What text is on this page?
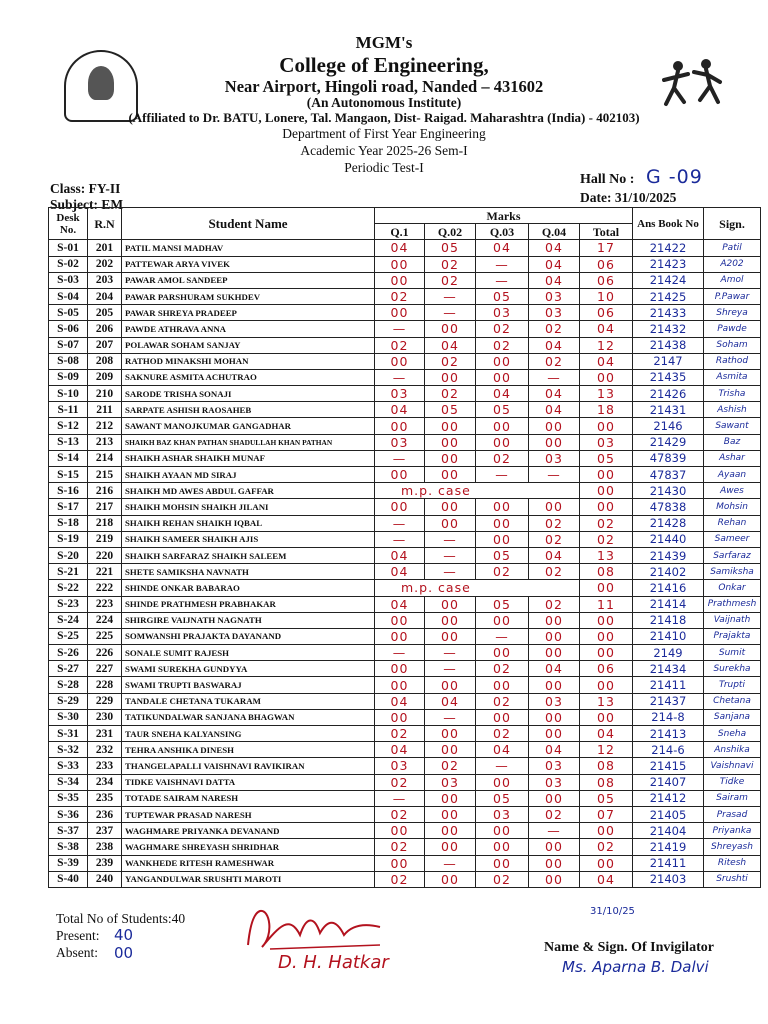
MGM's
College of Engineering,
Near Airport, Hingoli road, Nanded – 431602
(An Autonomous Institute)
(Affiliated to Dr. BATU, Lonere, Tal. Mangaon, Dist- Raigad. Maharashtra (India) - 402103)
Department of First Year Engineering
Academic Year 2025-26 Sem-I
Periodic Test-I
Class: FY-II
Subject: EM
Hall No : G -09
Date: 31/10/2025
Desk No.	R.N	Student Name	Marks					Ans Book No	Sign.
			Q.1	Q.02	Q.03	Q.04	Total		
S-01	201	PATIL MANSI MADHAV	04	05	04	04	17	21422	Patil
S-02	202	PATTEWAR ARYA VIVEK	00	02	—	04	06	21423	A202
S-03	203	PAWAR AMOL SANDEEP	00	02	—	04	06	21424	Amol
S-04	204	PAWAR PARSHURAM SUKHDEV	02	—	05	03	10	21425	P.Pawar
S-05	205	PAWAR SHREYA PRADEEP	00	—	03	03	06	21433	Shreya
S-06	206	PAWDE ATHRAVA ANNA	—	00	02	02	04	21432	Pawde
S-07	207	POLAWAR SOHAM SANJAY	02	04	02	04	12	21438	Soham
S-08	208	RATHOD MINAKSHI MOHAN	00	02	00	02	04	2147	Rathod
S-09	209	SAKNURE ASMITA ACHUTRAO	—	00	00	—	00	21435	Asmita
S-10	210	SARODE TRISHA SONAJI	03	02	04	04	13	21426	Trisha
S-11	211	SARPATE ASHISH RAOSAHEB	04	05	05	04	18	21431	Ashish
S-12	212	SAWANT MANOJKUMAR GANGADHAR	00	00	00	00	00	2146	Sawant
S-13	213	SHAIKH BAZ KHAN PATHAN SHADULLAH KHAN PATHAN	03	00	00	00	03	21429	Baz
S-14	214	SHAIKH ASHAR SHAIKH MUNAF	—	00	02	03	05	47839	Ashar
S-15	215	SHAIKH AYAAN MD SIRAJ	00	00	—	—	00	47837	Ayaan
S-16	216	SHAIKH MD AWES ABDUL GAFFAR	m.p. case				00	21430	Awes
S-17	217	SHAIKH MOHSIN SHAIKH JILANI	00	00	00	00	00	47838	Mohsin
S-18	218	SHAIKH REHAN SHAIKH IQBAL	—	00	00	02	02	21428	Rehan
S-19	219	SHAIKH SAMEER SHAIKH AJIS	—	—	00	02	02	21440	Sameer
S-20	220	SHAIKH SARFARAZ SHAIKH SALEEM	04	—	05	04	13	21439	Sarfaraz
S-21	221	SHETE SAMIKSHA NAVNATH	04	—	02	02	08	21402	Samiksha
S-22	222	SHINDE ONKAR BABARAO	m.p. case				00	21416	Onkar
S-23	223	SHINDE PRATHMESH PRABHAKAR	04	00	05	02	11	21414	Prathmesh
S-24	224	SHIRGIRE VAIJNATH NAGNATH	00	00	00	00	00	21418	Vaijnath
S-25	225	SOMWANSHI PRAJAKTA DAYANAND	00	00	—	00	00	21410	Prajakta
S-26	226	SONALE SUMIT RAJESH	—	—	00	00	00	2149	Sumit
S-27	227	SWAMI SUREKHA GUNDYYA	00	—	02	04	06	21434	Surekha
S-28	228	SWAMI TRUPTI BASWARAJ	00	00	00	00	00	21411	Trupti
S-29	229	TANDALE CHETANA TUKARAM	04	04	02	03	13	21437	Chetana
S-30	230	TATIKUNDALWAR SANJANA BHAGWAN	00	—	00	00	00	214-8	Sanjana
S-31	231	TAUR SNEHA KALYANSING	02	00	02	00	04	21413	Sneha
S-32	232	TEHRA ANSHIKA DINESH	04	00	04	04	12	214-6	Anshika
S-33	233	THANGELAPALLI VAISHNAVI RAVIKIRAN	03	02	—	03	08	21415	Vaishnavi
S-34	234	TIDKE VAISHNAVI DATTA	02	03	00	03	08	21407	Tidke
S-35	235	TOTADE SAIRAM NARESH	—	00	05	00	05	21412	Sairam
S-36	236	TUPTEWAR PRASAD NARESH	02	00	03	02	07	21405	Prasad
S-37	237	WAGHMARE PRIYANKA DEVANAND	00	00	00	—	00	21404	Priyanka
S-38	238	WAGHMARE SHREYASH SHRIDHAR	02	00	00	00	02	21419	Shreyash
S-39	239	WANKHEDE RITESH RAMESHWAR	00	—	00	00	00	21411	Ritesh
S-40	240	YANGANDULWAR SRUSHTI MAROTI	02	00	02	00	04	21403	Srushti
Total No of Students:40
Present: 40
Absent: 00	D. H. Hatkar
31/10/25
Name & Sign. Of Invigilator
Ms. Aparna B. Dalvi
